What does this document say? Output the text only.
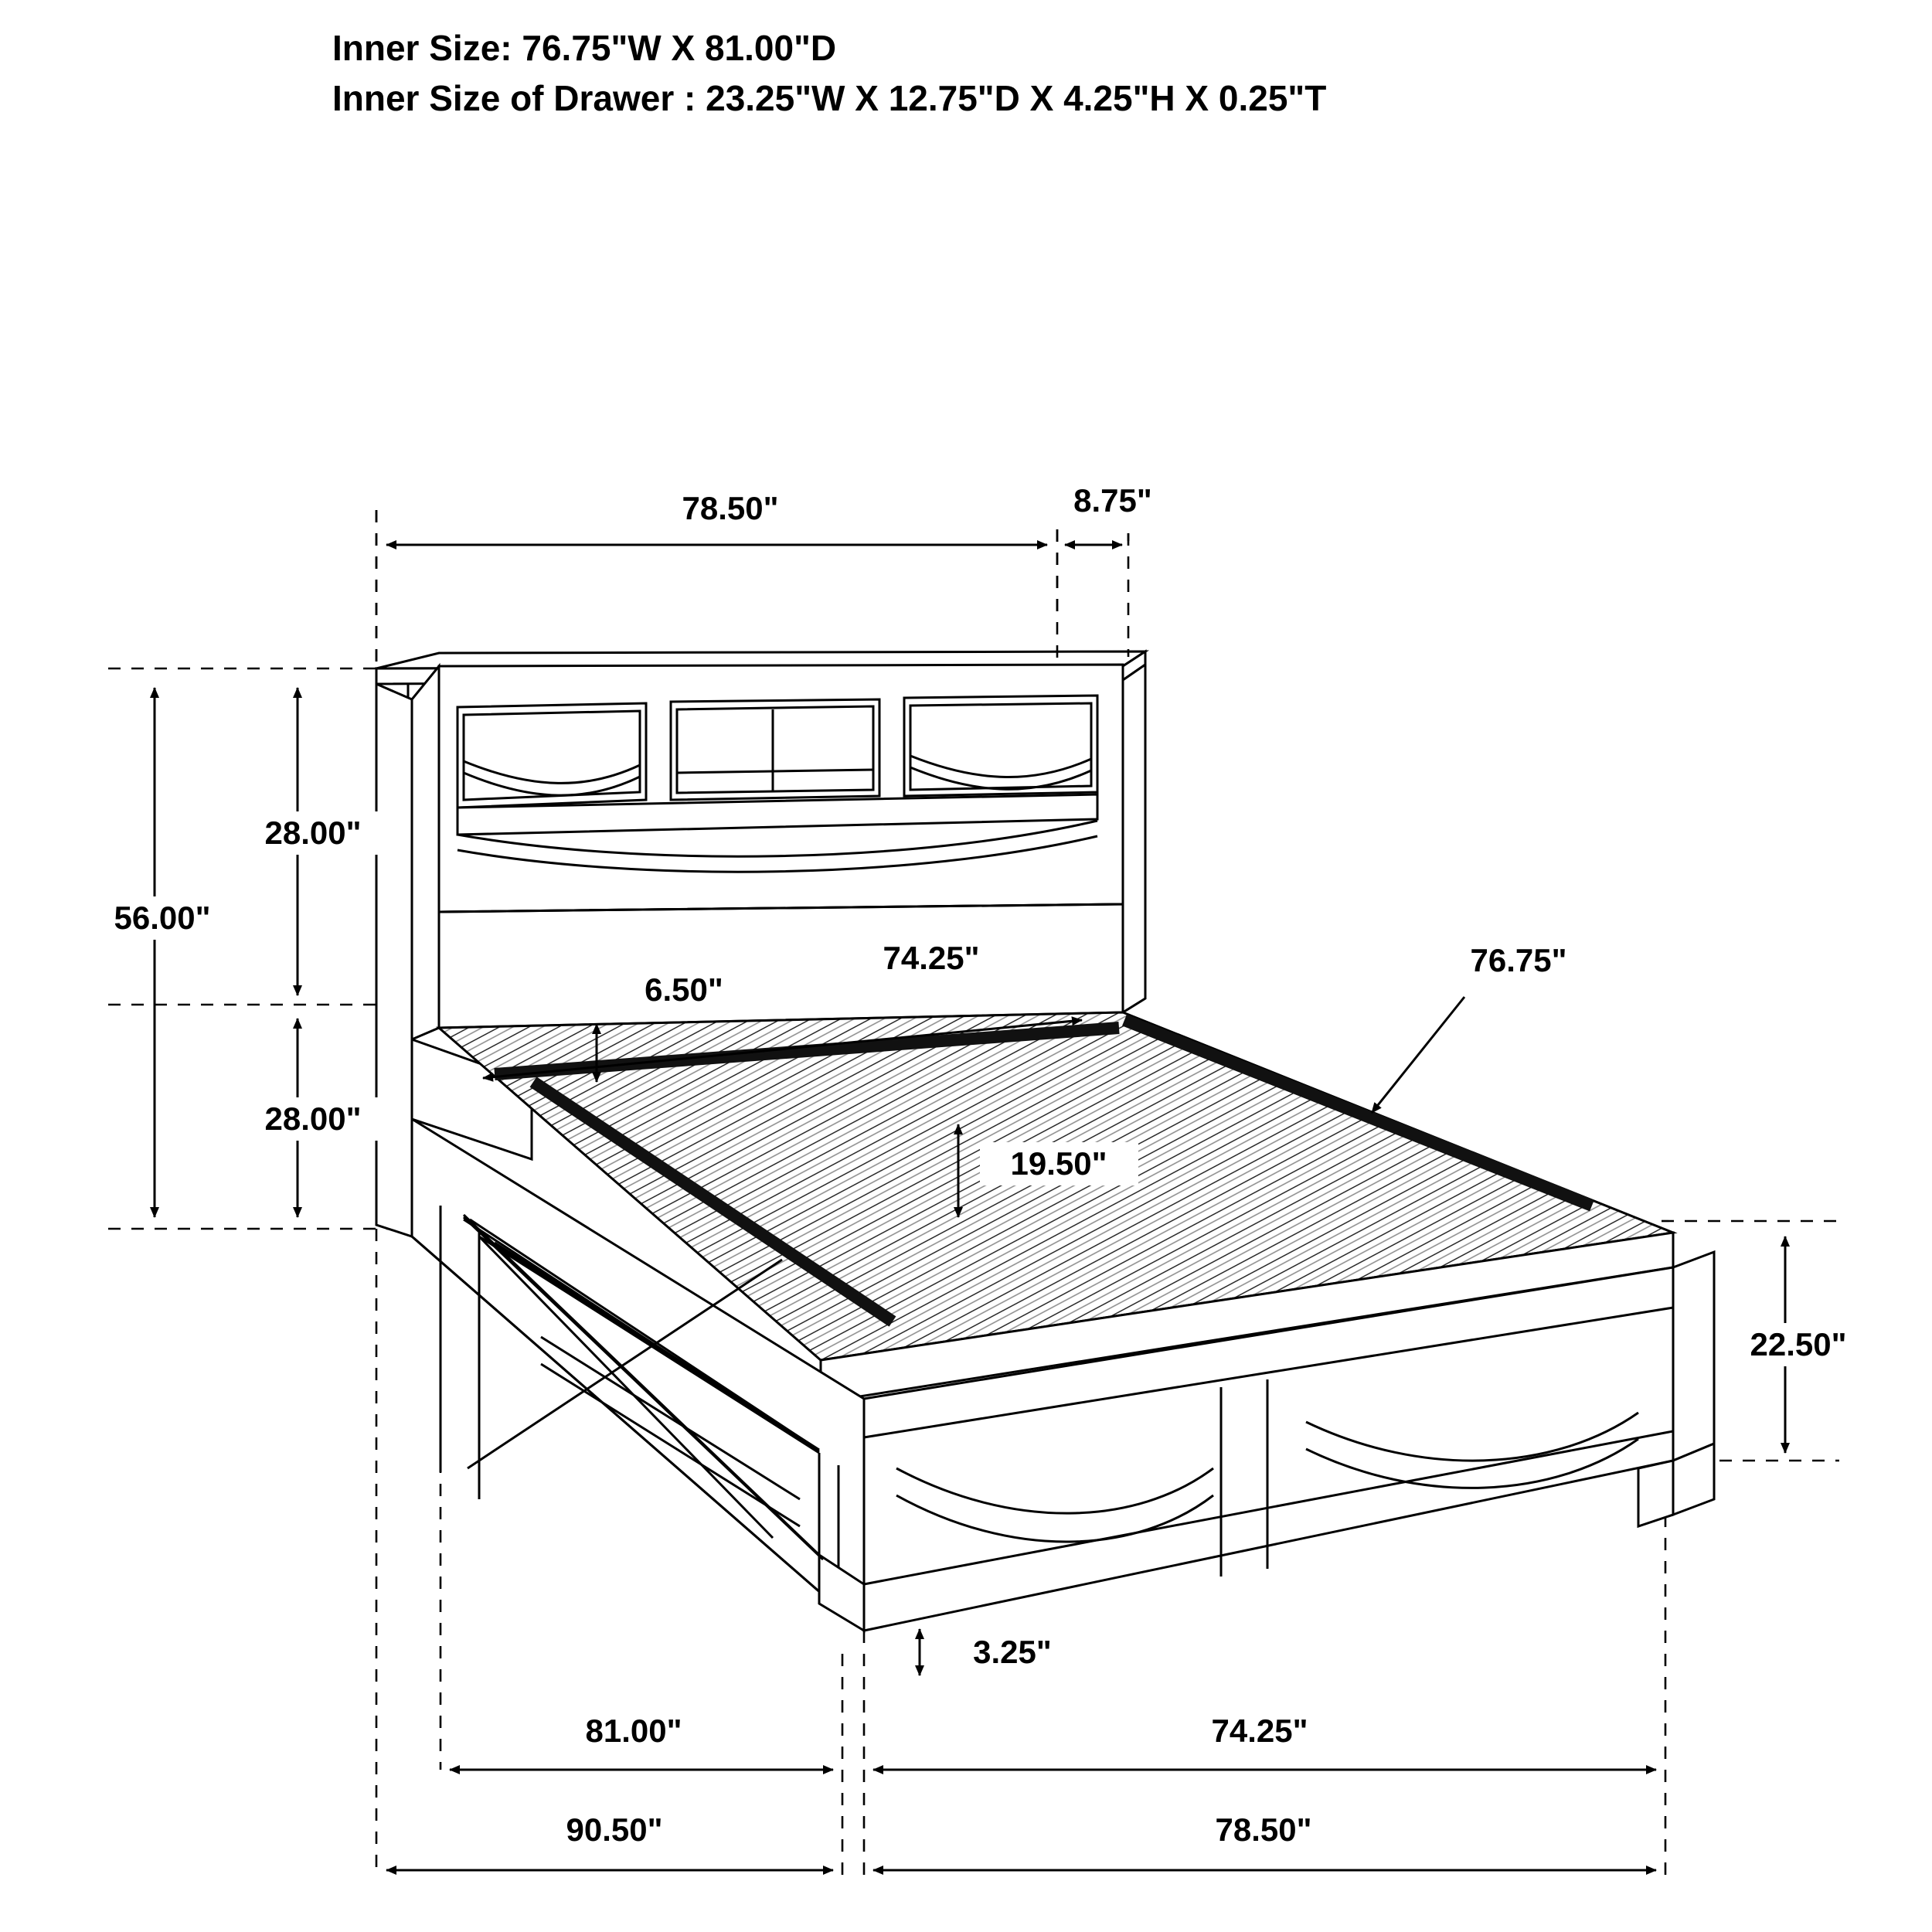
Inner Size: 76.75"W X 81.00"D
Inner Size of Drawer : 23.25"W X 12.75"D X 4.25"H X 0.25"T
78.50"	8.75"
56.00"
28.00"
28.00"
74.25"
6.50"
76.75"
19.50"
22.50"
3.25"
81.00"	74.25"
90.50"	78.50"
